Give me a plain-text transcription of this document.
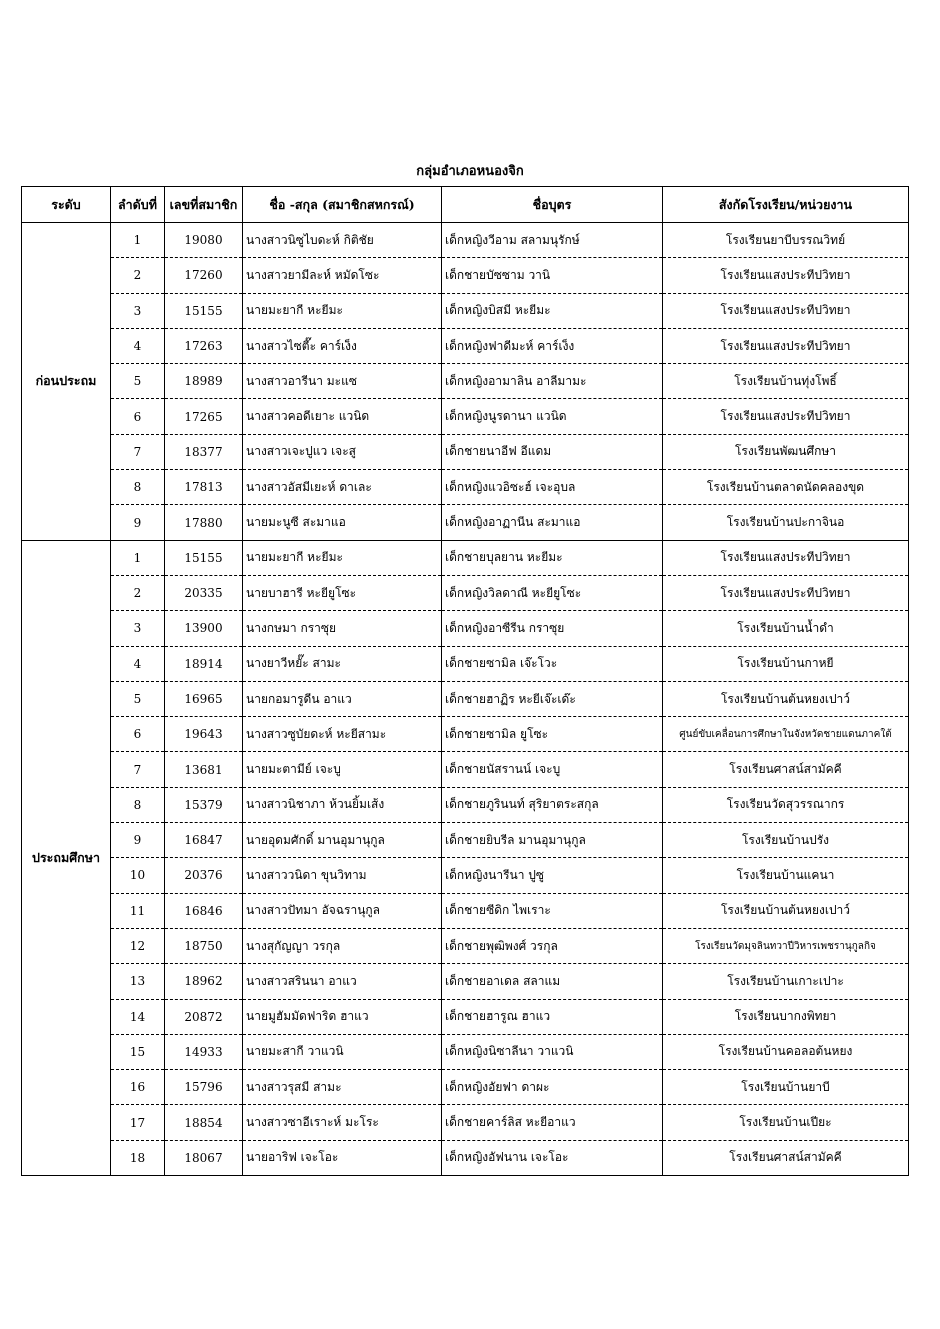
กลุ่มอำเภอหนองจิก
ระดับ	ลำดับที่	เลขที่สมาชิก	ชื่อ -สกุล (สมาชิกสหกรณ์)	ชื่อบุตร	สังกัดโรงเรียน/หน่วยงาน
ก่อนประถม	1	19080	นางสาวนิซูไบดะห์ กิติชัย	เด็กหญิงวีอาม สลามนุรักษ์	โรงเรียนยาบีบรรณวิทย์
	2	17260	นางสาวยามีละห์ หมัดโซะ	เด็กชายบัซซาม วานิ	โรงเรียนแสงประทีปวิทยา
	3	15155	นายมะยากี หะยีมะ	เด็กหญิงบิสมี หะยีมะ	โรงเรียนแสงประทีปวิทยา
	4	17263	นางสาวไซตี๊ะ คาร์เง็ง	เด็กหญิงฟาดีมะห์ คาร์เง็ง	โรงเรียนแสงประทีปวิทยา
	5	18989	นางสาวอารีนา มะแซ	เด็กหญิงอามาลิน อาลีมามะ	โรงเรียนบ้านทุ่งโพธิ์
	6	17265	นางสาวคอดีเยาะ แวนิด	เด็กหญิงนูรดานา แวนิด	โรงเรียนแสงประทีปวิทยา
	7	18377	นางสาวเจะปูแว เจะสู	เด็กชายนาอีฟ อีแดม	โรงเรียนพัฒนศึกษา
	8	17813	นางสาวอัสมีเยะห์ ดาเละ	เด็กหญิงแวอิซะฮ์ เจะอุบล	โรงเรียนบ้านตลาดนัดคลองขุด
	9	17880	นายมะนูซี สะมาแอ	เด็กหญิงอาฏานีน สะมาแอ	โรงเรียนบ้านปะกาจินอ
ประถมศึกษา	1	15155	นายมะยากี หะยีมะ	เด็กชายบุลยาน หะยีมะ	โรงเรียนแสงประทีปวิทยา
	2	20335	นายบาฮารี หะยียูโซะ	เด็กหญิงวิลดาณี หะยียูโซะ	โรงเรียนแสงประทีปวิทยา
	3	13900	นางกษมา กราซุย	เด็กหญิงอาซีรีน กราซุย	โรงเรียนบ้านน้ำดำ
	4	18914	นางยาวีหยั๊ะ สามะ	เด็กชายซามิล เจ๊ะโวะ	โรงเรียนบ้านกาหยี
	5	16965	นายกอมารูดีน อาแว	เด็กชายฮาฏิร หะยีเจ๊ะเด๊ะ	โรงเรียนบ้านต้นหยงเปาว์
	6	19643	นางสาวซูบัยดะห์ หะยีสามะ	เด็กชายซามิล ยูโซะ	ศูนย์ขับเคลื่อนการศึกษาในจังหวัดชายแดนภาคใต้
	7	13681	นายมะตามีย์ เจะบู	เด็กชายนัสรานน์ เจะบู	โรงเรียนศาสน์สามัคคี
	8	15379	นางสาวนิชาภา ห้วนยิ้มเส้ง	เด็กชายภูรินนท์ สุริยาตระสกุล	โรงเรียนวัดสุวรรณากร
	9	16847	นายอุดมศักดิ์ มานอุมานุกูล	เด็กชายยิบรีล มานอุมานุกูล	โรงเรียนบ้านปรัง
	10	20376	นางสาววนิดา ขุนวิทาม	เด็กหญิงนารีนา ปูซู	โรงเรียนบ้านแคนา
	11	16846	นางสาวปัทมา อัจฉรานุกูล	เด็กชายซีดิก ไพเราะ	โรงเรียนบ้านต้นหยงเปาว์
	12	18750	นางสุกัญญา วรกุล	เด็กชายพุฒิพงศ์ วรกุล	โรงเรียนวัดมุจลินทวาปีวิหารเพชรานุกูลกิจ
	13	18962	นางสาวสรินนา อาแว	เด็กชายอาเดล สลาแม	โรงเรียนบ้านเกาะเปาะ
	14	20872	นายมูฮัมมัดฟาริด ฮาแว	เด็กชายฮารูณ ฮาแว	โรงเรียนบากงพิทยา
	15	14933	นายมะสากี วาแวนิ	เด็กหญิงนิซาลีนา วาแวนิ	โรงเรียนบ้านคอลอต้นหยง
	16	15796	นางสาวรุสมี สามะ	เด็กหญิงอัยฟา ดาผะ	โรงเรียนบ้านยาบี
	17	18854	นางสาวซาอีเราะห์ มะโระ	เด็กชายคาร์ลิส หะยีอาแว	โรงเรียนบ้านเปียะ
	18	18067	นายอาริฟ เจะโอะ	เด็กหญิงอัฟนาน เจะโอะ	โรงเรียนศาสน์สามัคคี
